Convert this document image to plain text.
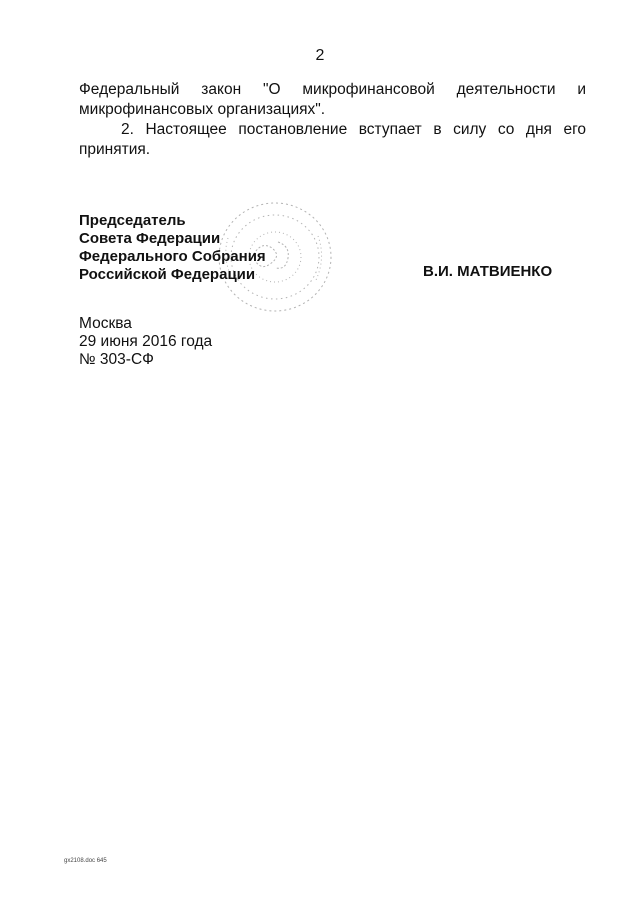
2
Федеральный закон "О микрофинансовой деятельности и
микрофинансовых организациях".
2. Настоящее постановление вступает в силу со дня его
принятия.
Председатель
Совета Федерации
Федерального Собрания
Российской Федерации	В.И. МАТВИЕНКО
Москва
29 июня 2016 года
№ 303-СФ
gx2108.doc 645
